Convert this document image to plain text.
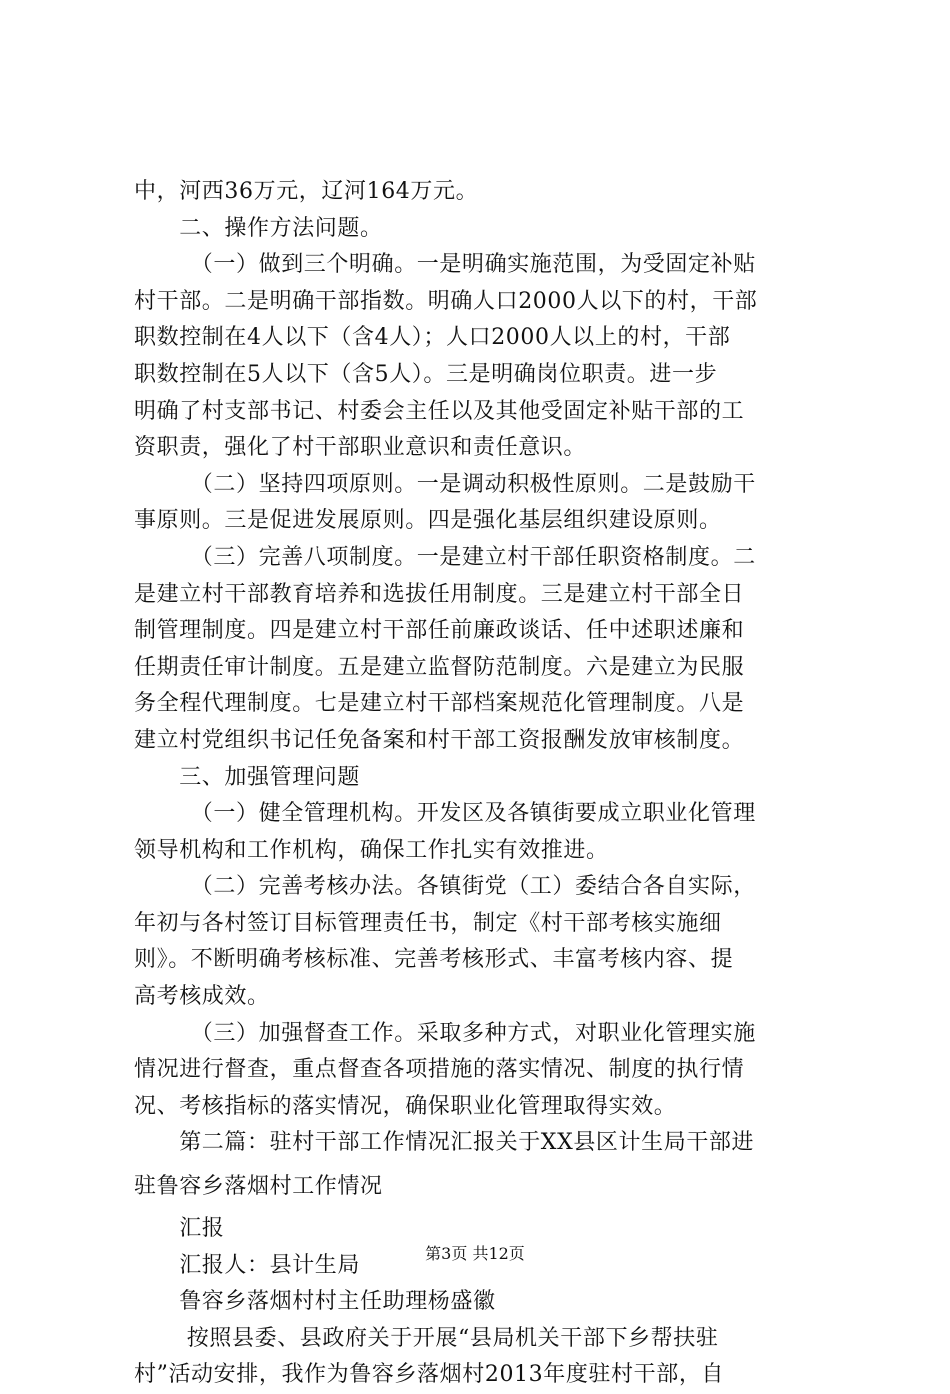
中，河西36万元，辽河164万元。
　　二、操作方法问题。
　　　（一）做到三个明确。一是明确实施范围，为受固定补贴
村干部。二是明确干部指数。明确人口2000人以下的村，干部
职数控制在4人以下（含4人）；人口2000人以上的村，干部
职数控制在5人以下（含5人）。三是明确岗位职责。进一步
明确了村支部书记、村委会主任以及其他受固定补贴干部的工
资职责，强化了村干部职业意识和责任意识。
　　　（二）坚持四项原则。一是调动积极性原则。二是鼓励干
事原则。三是促进发展原则。四是强化基层组织建设原则。
　　　（三）完善八项制度。一是建立村干部任职资格制度。二
是建立村干部教育培养和选拔任用制度。三是建立村干部全日
制管理制度。四是建立村干部任前廉政谈话、任中述职述廉和
任期责任审计制度。五是建立监督防范制度。六是建立为民服
务全程代理制度。七是建立村干部档案规范化管理制度。八是
建立村党组织书记任免备案和村干部工资报酬发放审核制度。
　　三、加强管理问题
　　　（一）健全管理机构。开发区及各镇街要成立职业化管理
领导机构和工作机构，确保工作扎实有效推进。
　　　（二）完善考核办法。各镇街党（工）委结合各自实际，
年初与各村签订目标管理责任书，制定《村干部考核实施细
则》。不断明确考核标准、完善考核形式、丰富考核内容、提
高考核成效。
　　　（三）加强督查工作。采取多种方式，对职业化管理实施
情况进行督查，重点督查各项措施的落实情况、制度的执行情
况、考核指标的落实情况，确保职业化管理取得实效。
　　第二篇：驻村干部工作情况汇报关于XX县区计生局干部进
驻鲁容乡落烟村工作情况
　　汇报
　　汇报人：县计生局
　　鲁容乡落烟村村主任助理杨盛徽
　　 按照县委、县政府关于开展“县局机关干部下乡帮扶驻
村”活动安排，我作为鲁容乡落烟村2013年度驻村干部，自
第3页 共12页
